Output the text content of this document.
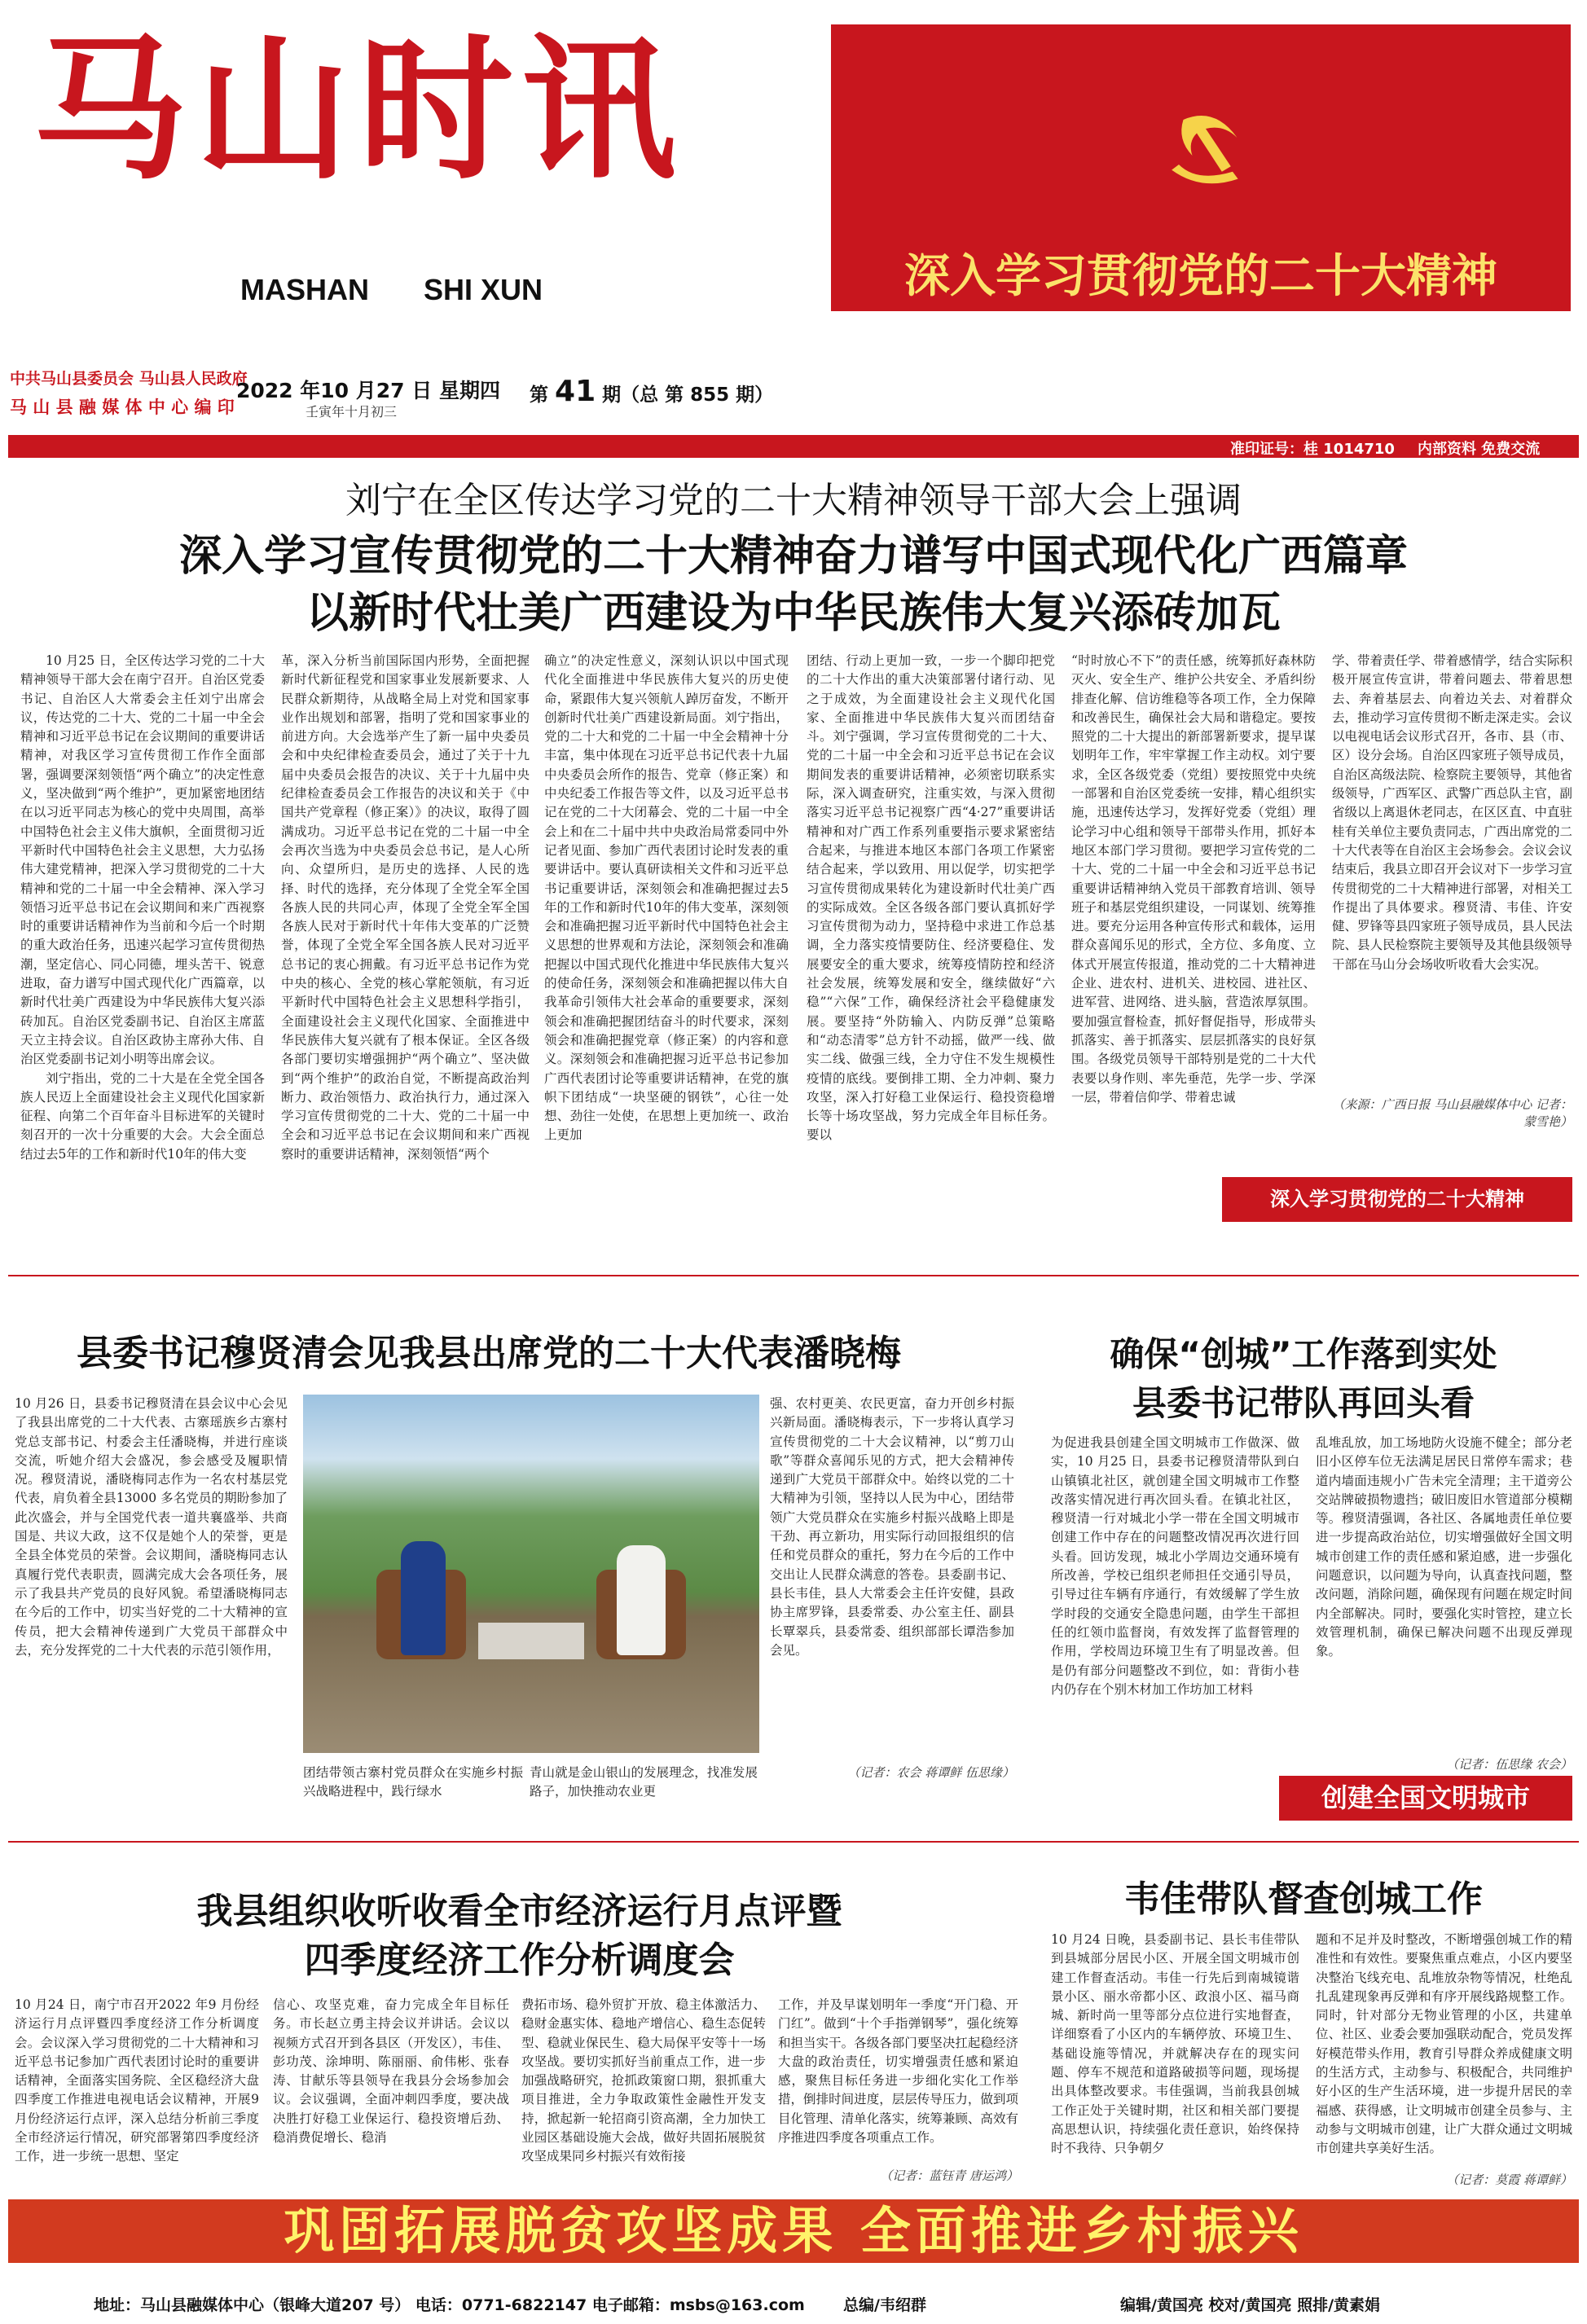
马山时讯
MASHAN SHI XUN	深入学习贯彻党的二十大精神
中共马山县委员会 马山县人民政府
马 山 县 融 媒 体 中 心 编 印
2022 年10 月27 日 星期四
壬寅年十月初三
第 41 期（总 第 855 期）
准印证号：桂 1014710 内部资料 免费交流
刘宁在全区传达学习党的二十大精神领导干部大会上强调
深入学习宣传贯彻党的二十大精神奋力谱写中国式现代化广西篇章
以新时代壮美广西建设为中华民族伟大复兴添砖加瓦

10 月25 日，全区传达学习党的二十大精神领导干部大会在南宁召开。自治区党委书记、自治区人大常委会主任刘宁出席会议，传达党的二十大、党的二十届一中全会精神和习近平总书记在会议期间的重要讲话精神，对我区学习宣传贯彻工作作全面部署，强调要深刻领悟“两个确立”的决定性意义，坚决做到“两个维护”，更加紧密地团结在以习近平同志为核心的党中央周围，高举中国特色社会主义伟大旗帜，全面贯彻习近平新时代中国特色社会主义思想，大力弘扬伟大建党精神，把深入学习贯彻党的二十大精神和党的二十届一中全会精神、深入学习领悟习近平总书记在会议期间和来广西视察时的重要讲话精神作为当前和今后一个时期的重大政治任务，迅速兴起学习宣传贯彻热潮，坚定信心、同心同德，埋头苦干、锐意进取，奋力谱写中国式现代化广西篇章，以新时代壮美广西建设为中华民族伟大复兴添砖加瓦。自治区党委副书记、自治区主席蓝天立主持会议。自治区政协主席孙大伟、自治区党委副书记刘小明等出席会议。

刘宁指出，党的二十大是在全党全国各族人民迈上全面建设社会主义现代化国家新征程、向第二个百年奋斗目标进军的关键时刻召开的一次十分重要的大会。大会全面总结过去5年的工作和新时代10年的伟大变

革，深入分析当前国际国内形势，全面把握新时代新征程党和国家事业发展新要求、人民群众新期待，从战略全局上对党和国家事业作出规划和部署，指明了党和国家事业的前进方向。大会选举产生了新一届中央委员会和中央纪律检查委员会，通过了关于十九届中央委员会报告的决议、关于十九届中央纪律检查委员会工作报告的决议和关于《中国共产党章程（修正案）》的决议，取得了圆满成功。习近平总书记在党的二十届一中全会再次当选为中央委员会总书记，是人心所向、众望所归，是历史的选择、人民的选择、时代的选择，充分体现了全党全军全国各族人民的共同心声，体现了全党全军全国各族人民对于新时代十年伟大变革的广泛赞誉，体现了全党全军全国各族人民对习近平总书记的衷心拥戴。有习近平总书记作为党中央的核心、全党的核心掌舵领航，有习近平新时代中国特色社会主义思想科学指引，全面建设社会主义现代化国家、全面推进中华民族伟大复兴就有了根本保证。全区各级各部门要切实增强拥护“两个确立”、坚决做到“两个维护”的政治自觉，不断提高政治判断力、政治领悟力、政治执行力，通过深入学习宣传贯彻党的二十大、党的二十届一中全会和习近平总书记在会议期间和来广西视察时的重要讲话精神，深刻领悟“两个
确立”的决定性意义，深刻认识以中国式现代化全面推进中华民族伟大复兴的历史使命，紧跟伟大复兴领航人踔厉奋发，不断开创新时代壮美广西建设新局面。刘宁指出，党的二十大和党的二十届一中全会精神十分丰富，集中体现在习近平总书记代表十九届中央委员会所作的报告、党章（修正案）和中央纪委工作报告等文件，以及习近平总书记在党的二十大闭幕会、党的二十届一中全会上和在二十届中共中央政治局常委同中外记者见面、参加广西代表团讨论时发表的重要讲话中。要认真研读相关文件和习近平总书记重要讲话，深刻领会和准确把握过去5年的工作和新时代10年的伟大变革，深刻领会和准确把握习近平新时代中国特色社会主义思想的世界观和方法论，深刻领会和准确把握以中国式现代化推进中华民族伟大复兴的使命任务，深刻领会和准确把握以伟大自我革命引领伟大社会革命的重要要求，深刻领会和准确把握团结奋斗的时代要求，深刻领会和准确把握党章（修正案）的内容和意义。深刻领会和准确把握习近平总书记参加广西代表团讨论等重要讲话精神，在党的旗帜下团结成“一块坚硬的钢铁”，心往一处想、劲往一处使，在思想上更加统一、政治上更加
团结、行动上更加一致，一步一个脚印把党的二十大作出的重大决策部署付诸行动、见之于成效，为全面建设社会主义现代化国家、全面推进中华民族伟大复兴而团结奋斗。刘宁强调，学习宣传贯彻党的二十大、党的二十届一中全会和习近平总书记在会议期间发表的重要讲话精神，必须密切联系实际，深入调查研究，注重实效，与深入贯彻落实习近平总书记视察广西“4·27”重要讲话精神和对广西工作系列重要指示要求紧密结合起来，与推进本地区本部门各项工作紧密结合起来，学以致用、用以促学，切实把学习宣传贯彻成果转化为建设新时代壮美广西的实际成效。全区各级各部门要认真抓好学习宣传贯彻为动力，坚持稳中求进工作总基调，全力落实疫情要防住、经济要稳住、发展要安全的重大要求，统筹疫情防控和经济社会发展，统筹发展和安全，继续做好“六稳”“六保”工作，确保经济社会平稳健康发展。要坚持“外防输入、内防反弹”总策略和“动态清零”总方针不动摇，做严一线、做实二线、做强三线，全力守住不发生规模性疫情的底线。要倒排工期、全力冲刺、聚力攻坚，深入打好稳工业保运行、稳投资稳增长等十场攻坚战，努力完成全年目标任务。要以
“时时放心不下”的责任感，统筹抓好森林防灭火、安全生产、维护公共安全、矛盾纠纷排查化解、信访维稳等各项工作，全力保障和改善民生，确保社会大局和谐稳定。要按照党的二十大提出的新部署新要求，提早谋划明年工作，牢牢掌握工作主动权。刘宁要求，全区各级党委（党组）要按照党中央统一部署和自治区党委统一安排，精心组织实施，迅速传达学习，发挥好党委（党组）理论学习中心组和领导干部带头作用，抓好本地区本部门学习贯彻。要把学习宣传党的二十大、党的二十届一中全会和习近平总书记重要讲话精神纳入党员干部教育培训、领导班子和基层党组织建设，一同谋划、统筹推进。要充分运用各种宣传形式和载体，运用群众喜闻乐见的形式，全方位、多角度、立体式开展宣传报道，推动党的二十大精神进企业、进农村、进机关、进校园、进社区、进军营、进网络、进头脑，营造浓厚氛围。要加强宣督检查，抓好督促指导，形成带头抓落实、善于抓落实、层层抓落实的良好氛围。各级党员领导干部特别是党的二十大代表要以身作则、率先垂范，先学一步、学深一层，带着信仰学、带着忠诚
学、带着责任学、带着感情学，结合实际积极开展宣传宣讲，带着问题去、带着思想去、奔着基层去、向着边关去、对着群众去，推动学习宣传贯彻不断走深走实。会议以电视电话会议形式召开，各市、县（市、区）设分会场。自治区四家班子领导成员，自治区高级法院、检察院主要领导，其他省级领导，广西军区、武警广西总队主官，副省级以上离退休老同志，在区区直、中直驻桂有关单位主要负责同志，广西出席党的二十大代表等在自治区主会场参会。会议会议结束后，我县立即召开会议对下一步学习宣传贯彻党的二十大精神进行部署，对相关工作提出了具体要求。穆贤清、韦佳、许安健、罗锋等县四家班子领导成员，县人民法院、县人民检察院主要领导及其他县级领导干部在马山分会场收听收看大会实况。
（来源：广西日报 马山县融媒体中心 记者：蒙雪艳）
深入学习贯彻党的二十大精神
县委书记穆贤清会见我县出席党的二十大代表潘晓梅
10 月26 日，县委书记穆贤清在县会议中心会见了我县出席党的二十大代表、古寨瑶族乡古寨村党总支部书记、村委会主任潘晓梅，并进行座谈交流，听她介绍大会盛况，参会感受及履职情况。穆贤清说，潘晓梅同志作为一名农村基层党代表，肩负着全县13000 多名党员的期盼参加了此次盛会，并与全国党代表一道共襄盛举、共商国是、共议大政，这不仅是她个人的荣誉，更是全县全体党员的荣誉。会议期间，潘晓梅同志认真履行党代表职责，圆满完成大会各项任务，展示了我县共产党员的良好风貌。希望潘晓梅同志在今后的工作中，切实当好党的二十大精神的宣传员，把大会精神传递到广大党员干部群众中去，充分发挥党的二十大代表的示范引领作用，
团结带领古寨村党员群众在实施乡村振兴战略进程中，践行绿水
青山就是金山银山的发展理念，找准发展路子，加快推动农业更
强、农村更美、农民更富，奋力开创乡村振兴新局面。潘晓梅表示，下一步将认真学习宣传贯彻党的二十大会议精神，以“剪刀山歌”等群众喜闻乐见的方式，把大会精神传递到广大党员干部群众中。始终以党的二十大精神为引领，坚持以人民为中心，团结带领广大党员群众在实施乡村振兴战略上即是干劲、再立新功，用实际行动回报组织的信任和党员群众的重托，努力在今后的工作中交出让人民群众满意的答卷。县委副书记、县长韦佳，县人大常委会主任许安健，县政协主席罗锋，县委常委、办公室主任、副县长覃翠兵，县委常委、组织部部长谭浩参加会见。
（记者：农会 蒋谭鲜 伍思缘）
确保“创城”工作落到实处
县委书记带队再回头看
为促进我县创建全国文明城市工作做深、做实，10 月25 日，县委书记穆贤清带队到白山镇镇北社区，就创建全国文明城市工作整改落实情况进行再次回头看。在镇北社区，穆贤清一行对城北小学一带在全国文明城市创建工作中存在的问题整改情况再次进行回头看。回访发现，城北小学周边交通环境有所改善，学校已组织老师担任交通引导员，引导过往车辆有序通行，有效缓解了学生放学时段的交通安全隐患问题，由学生干部担任的红领巾监督岗，有效发挥了监督管理的作用，学校周边环境卫生有了明显改善。但是仍有部分问题整改不到位，如：背街小巷内仍存在个别木材加工作坊加工材料
乱堆乱放，加工场地防火设施不健全；部分老旧小区停车位无法满足居民日常停车需求；巷道内墙面违规小广告未完全清理；主干道旁公交站牌破损物遗挡；破旧废旧水管道部分模糊等。穆贤清强调，各社区、各属地责任单位要进一步提高政治站位，切实增强做好全国文明城市创建工作的责任感和紧迫感，进一步强化问题意识，以问题为导向，认真查找问题，整改问题，消除问题，确保现有问题在规定时间内全部解决。同时，要强化实时管控，建立长效管理机制，确保已解决问题不出现反弹现象。
（记者：伍思缘 农会）
创建全国文明城市
我县组织收听收看全市经济运行月点评暨
四季度经济工作分析调度会
10 月24 日，南宁市召开2022 年9 月份经济运行月点评暨四季度经济工作分析调度会。会议深入学习贯彻党的二十大精神和习近平总书记参加广西代表团讨论时的重要讲话精神，全面落实国务院、全区稳经济大盘四季度工作推进电视电话会议精神，开展9 月份经济运行点评，深入总结分析前三季度全市经济运行情况，研究部署第四季度经济工作，进一步统一思想、坚定
信心、攻坚克难，奋力完成全年目标任务。市长赵立勇主持会议并讲话。会议以视频方式召开到各县区（开发区），韦佳、彭功茂、涂坤明、陈丽丽、俞伟彬、张春涛、甘献乐等县领导在我县分会场参加会议。会议强调，全面冲刺四季度，要决战决胜打好稳工业保运行、稳投资增后劲、稳消费促增长、稳消
费拓市场、稳外贸扩开放、稳主体激活力、稳财金惠实体、稳地产增信心、稳生态促转型、稳就业保民生、稳大局保平安等十一场攻坚战。要切实抓好当前重点工作，进一步加强战略研究，抢抓政策窗口期，狠抓重大项目推进，全力争取政策性金融性开发支持，掀起新一轮招商引资高潮，全力加快工业园区基础设施大会战，做好共固拓展脱贫攻坚成果同乡村振兴有效衔接
工作，并及早谋划明年一季度“开门稳、开门红”。做到“十个手指弹钢琴”，强化统筹和担当实干。各级各部门要坚决扛起稳经济大盘的政治责任，切实增强责任感和紧迫感，聚焦目标任务进一步细化实化工作举措，倒排时间进度，层层传导压力，做到项目化管理、清单化落实，统筹兼顾、高效有序推进四季度各项重点工作。
（记者：蓝钰青 唐运鸿）
韦佳带队督查创城工作
10 月24 日晚，县委副书记、县长韦佳带队到县城部分居民小区、开展全国文明城市创建工作督查活动。韦佳一行先后到南城镜谐景小区、丽水帝都小区、政浪小区、福马商城、新时尚一里等部分点位进行实地督查，详细察看了小区内的车辆停放、环境卫生、基础设施等情况，并就解决存在的现实问题、停车不规范和道路破损等问题，现场提出具体整改要求。韦佳强调，当前我县创城工作正处于关键时期，社区和相关部门要提高思想认识，持续强化责任意识，始终保持时不我待、只争朝夕
题和不足并及时整改，不断增强创城工作的精准性和有效性。要聚焦重点难点，小区内要坚决整治飞线充电、乱堆放杂物等情况，杜绝乱扎乱建现象再反弹和有序开展线路规整工作。同时，针对部分无物业管理的小区，共建单位、社区、业委会要加强联动配合，党员发挥好模范带头作用，教育引导群众养成健康文明的生活方式，主动参与、积极配合，共同维护好小区的生产生活环境，进一步提升居民的幸福感、获得感，让文明城市创建全员参与、主动参与文明城市创建，让广大群众通过文明城市创建共享美好生活。
（记者：莫霞 蒋谭鲜）
巩固拓展脱贫攻坚成果 全面推进乡村振兴
地址：马山县融媒体中心（银峰大道207 号） 电话：0771-6822147 电子邮箱：msbs@163.com 总编/韦绍群	编辑/黄国亮 校对/黄国亮 照排/黄素娟
